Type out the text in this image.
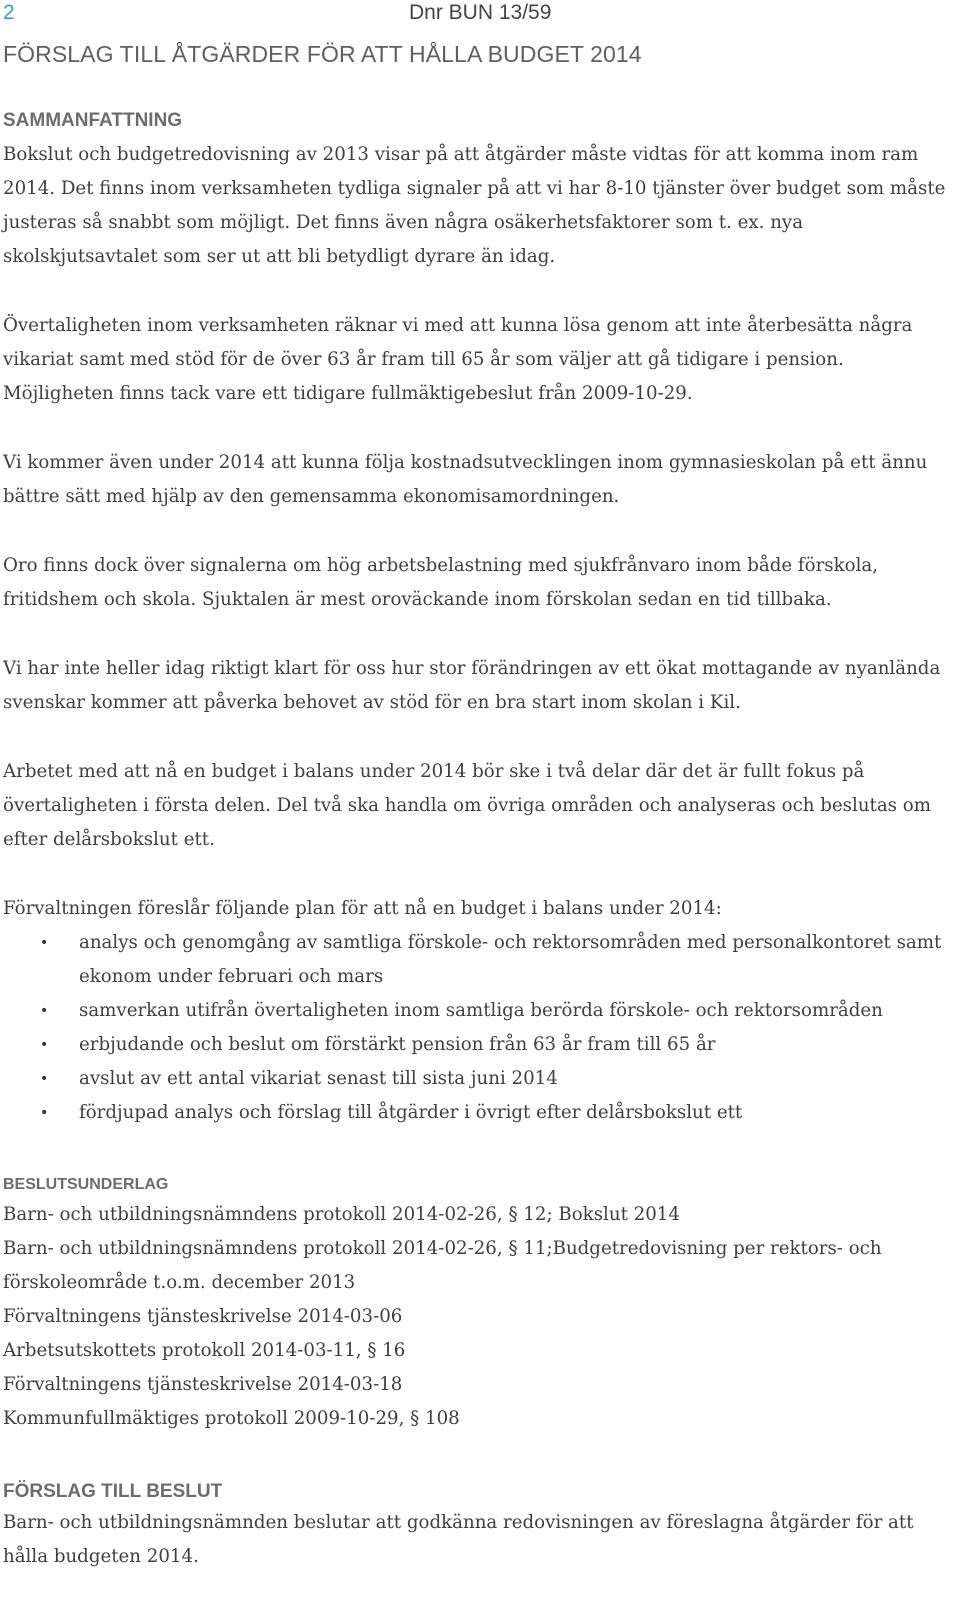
2	Dnr BUN 13/59
FÖRSLAG TILL ÅTGÄRDER FÖR ATT HÅLLA BUDGET 2014
SAMMANFATTNING

Bokslut och budgetredovisning av 2013 visar på att åtgärder måste vidtas för att komma inom ram 2014. Det finns inom verksamheten tydliga signaler på att vi har 8-10 tjänster över budget som måste justeras så snabbt som möjligt. Det finns även några osäkerhetsfaktorer som t. ex. nya skolskjutsavtalet som ser ut att bli betydligt dyrare än idag.

Övertaligheten inom verksamheten räknar vi med att kunna lösa genom att inte återbesätta några vikariat samt med stöd för de över 63 år fram till 65 år som väljer att gå tidigare i pension. Möjligheten finns tack vare ett tidigare fullmäktigebeslut från 2009-10-29.

Vi kommer även under 2014 att kunna följa kostnadsutvecklingen inom gymnasieskolan på ett ännu bättre sätt med hjälp av den gemensamma ekonomisamordningen.

Oro finns dock över signalerna om hög arbetsbelastning med sjukfrånvaro inom både förskola, fritidshem och skola. Sjuktalen är mest oroväckande inom förskolan sedan en tid tillbaka.

Vi har inte heller idag riktigt klart för oss hur stor förändringen av ett ökat mottagande av nyanlända svenskar kommer att påverka behovet av stöd för en bra start inom skolan i Kil.

Arbetet med att nå en budget i balans under 2014 bör ske i två delar där det är fullt fokus på övertaligheten i första delen. Del två ska handla om övriga områden och analyseras och beslutas om efter delårsbokslut ett.

Förvaltningen föreslår följande plan för att nå en budget i balans under 2014:

• analys och genomgång av samtliga förskole- och rektorsområden med personalkontoret samt ekonom under februari och mars
• samverkan utifrån övertaligheten inom samtliga berörda förskole- och rektorsområden
• erbjudande och beslut om förstärkt pension från 63 år fram till 65 år
• avslut av ett antal vikariat senast till sista juni 2014
• fördjupad analys och förslag till åtgärder i övrigt efter delårsbokslut ett
BESLUTSUNDERLAG
Barn- och utbildningsnämndens protokoll 2014-02-26, § 12; Bokslut 2014
Barn- och utbildningsnämndens protokoll 2014-02-26, § 11;Budgetredovisning per rektors- och förskoleområde t.o.m. december 2013
Förvaltningens tjänsteskrivelse 2014-03-06
Arbetsutskottets protokoll 2014-03-11, § 16
Förvaltningens tjänsteskrivelse 2014-03-18
Kommunfullmäktiges protokoll 2009-10-29, § 108
FÖRSLAG TILL BESLUT

Barn- och utbildningsnämnden beslutar att godkänna redovisningen av föreslagna åtgärder för att hålla budgeten 2014.
